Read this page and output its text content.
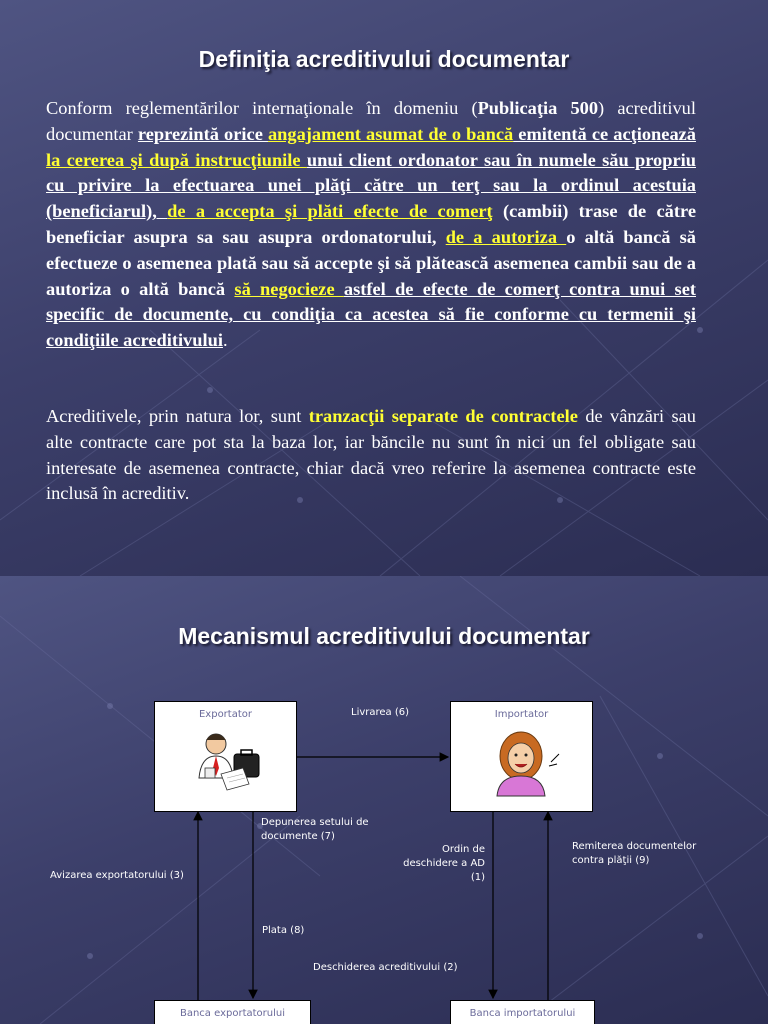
Definiţia acreditivului documentar
Conform reglementărilor internaţionale în domeniu (Publicaţia 500) acreditivul documentar reprezintă orice angajament asumat de o bancă emitentă ce acţionează la cererea şi după instrucţiunile unui client ordonator sau în numele său propriu cu privire la efectuarea unei plăţi către un terţ sau la ordinul acestuia (beneficiarul), de a accepta şi plăti efecte de comerţ (cambii) trase de către beneficiar asupra sa sau asupra ordonatorului, de a autoriza o altă bancă să efectueze o asemenea plată sau să accepte şi să plătească asemenea cambii sau de a autoriza o altă bancă să negocieze astfel de efecte de comerţ contra unui set specific de documente, cu condiţia ca acestea să fie conforme cu termenii şi condiţiile acreditivului.
Acreditivele, prin natura lor, sunt tranzacţii separate de contractele de vânzări sau alte contracte care pot sta la baza lor, iar băncile nu sunt în nici un fel obligate sau interesate de asemenea contracte, chiar dacă vreo referire la asemenea contracte este inclusă în acreditiv.
Mecanismul acreditivului documentar
Exportator	Importator
Banca exportatorului	Banca importatorului
Livrarea (6)
Depunerea setului de documente (7)
Ordin de deschidere a AD (1)
Remiterea documentelor contra plăţii (9)
Avizarea exportatorului (3)
Plata (8)
Deschiderea acreditivului (2)
